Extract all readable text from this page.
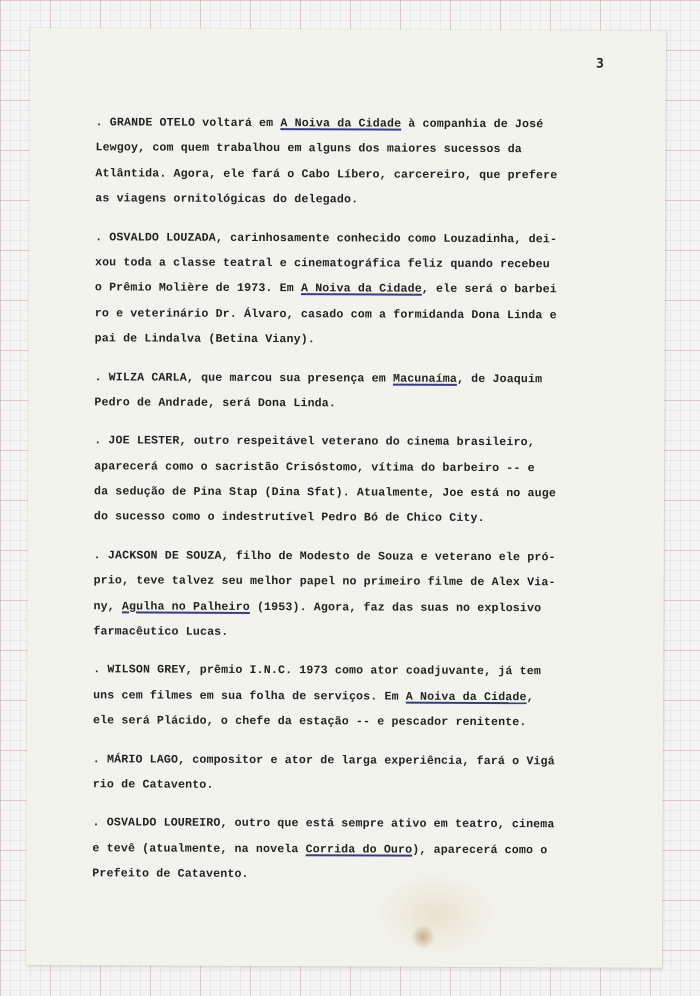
3
. GRANDE OTELO voltará em A Noiva da Cidade à companhia de José
Lewgoy, com quem trabalhou em alguns dos maiores sucessos da
Atlântida. Agora, ele fará o Cabo Líbero, carcereiro, que prefere
as viagens ornitológicas do delegado.
. OSVALDO LOUZADA, carinhosamente conhecido como Louzadinha, dei-
xou toda a classe teatral e cinematográfica feliz quando recebeu
o Prêmio Molière de 1973. Em A Noiva da Cidade, ele será o barbei
ro e veterinário Dr. Álvaro, casado com a formidanda Dona Linda e
pai de Lindalva (Betina Viany).
. WILZA CARLA, que marcou sua presença em Macunaíma, de Joaquim
Pedro de Andrade, será Dona Linda.
. JOE LESTER, outro respeitável veterano do cinema brasileiro,
aparecerá como o sacristão Crisóstomo, vítima do barbeiro -- e
da sedução de Pina Stap (Dina Sfat). Atualmente, Joe está no auge
do sucesso como o indestrutível Pedro Bó de Chico City.
. JACKSON DE SOUZA, filho de Modesto de Souza e veterano ele pró-
prio, teve talvez seu melhor papel no primeiro filme de Alex Via-
ny, Agulha no Palheiro (1953). Agora, faz das suas no explosivo
farmacêutico Lucas.
. WILSON GREY, prêmio I.N.C. 1973 como ator coadjuvante, já tem
uns cem filmes em sua folha de serviços. Em A Noiva da Cidade,
ele será Plácido, o chefe da estação -- e pescador renitente.
. MÁRIO LAGO, compositor e ator de larga experiência, fará o Vigá
rio de Catavento.
. OSVALDO LOUREIRO, outro que está sempre ativo em teatro, cinema
e tevê (atualmente, na novela Corrida do Ouro), aparecerá como o
Prefeito de Catavento.
